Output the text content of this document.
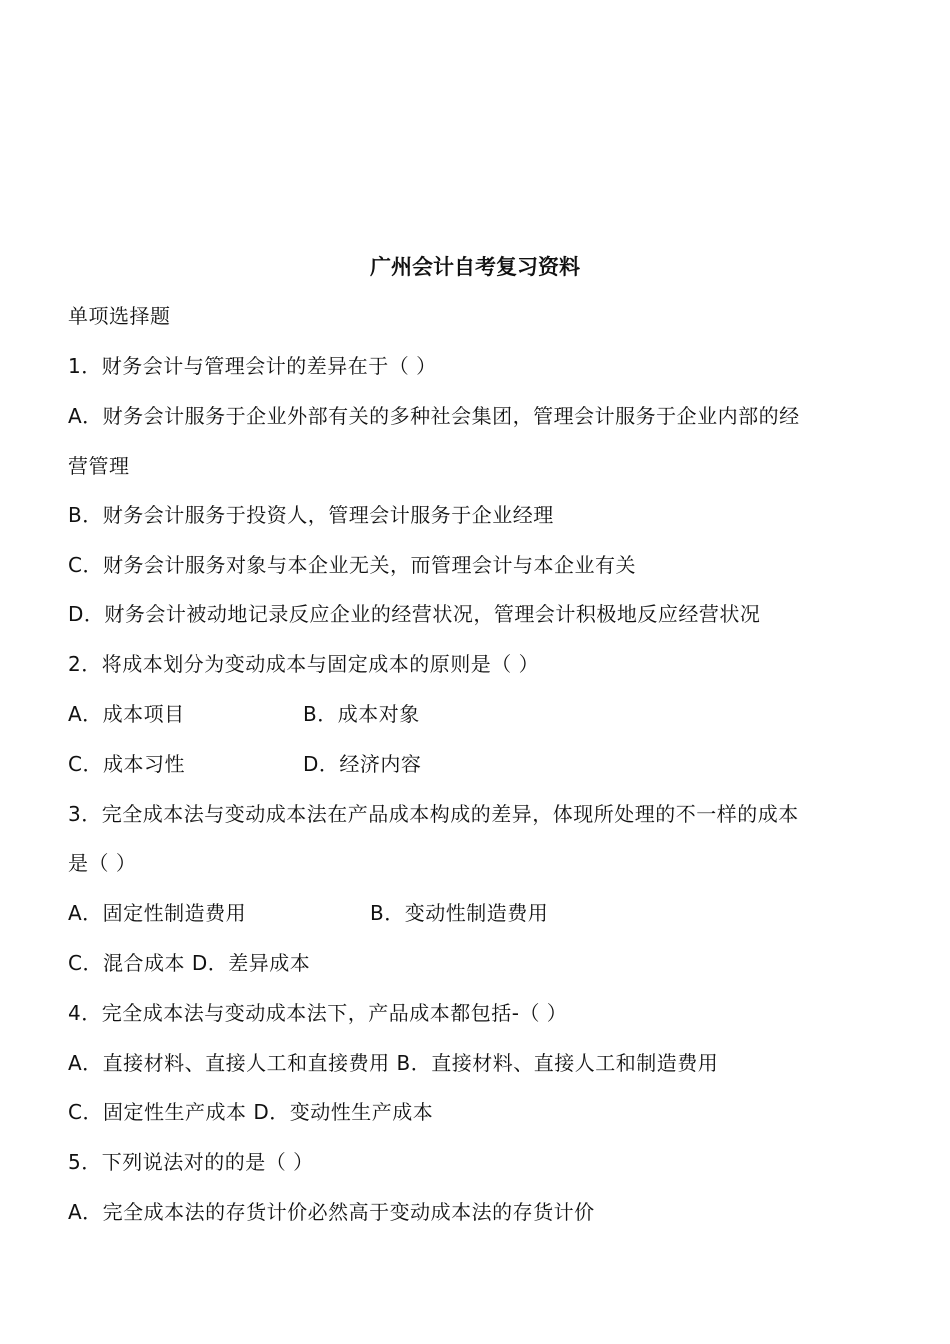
广州会计自考复习资料
单项选择题
1．财务会计与管理会计的差异在于（ ）
A．财务会计服务于企业外部有关的多种社会集团，管理会计服务于企业内部的经
营管理
B．财务会计服务于投资人，管理会计服务于企业经理
C．财务会计服务对象与本企业无关，而管理会计与本企业有关
D．财务会计被动地记录反应企业的经营状况，管理会计积极地反应经营状况
2．将成本划分为变动成本与固定成本的原则是（ ）
A．成本项目	B．成本对象
C．成本习性	D．经济内容
3．完全成本法与变动成本法在产品成本构成的差异，体现所处理的不一样的成本
是（ ）
A．固定性制造费用	B．变动性制造费用
C．混合成本 D．差异成本
4．完全成本法与变动成本法下，产品成本都包括-（ ）
A．直接材料、直接人工和直接费用 B．直接材料、直接人工和制造费用
C．固定性生产成本 D．变动性生产成本
5．下列说法对的的是（ ）
A．完全成本法的存货计价必然高于变动成本法的存货计价
